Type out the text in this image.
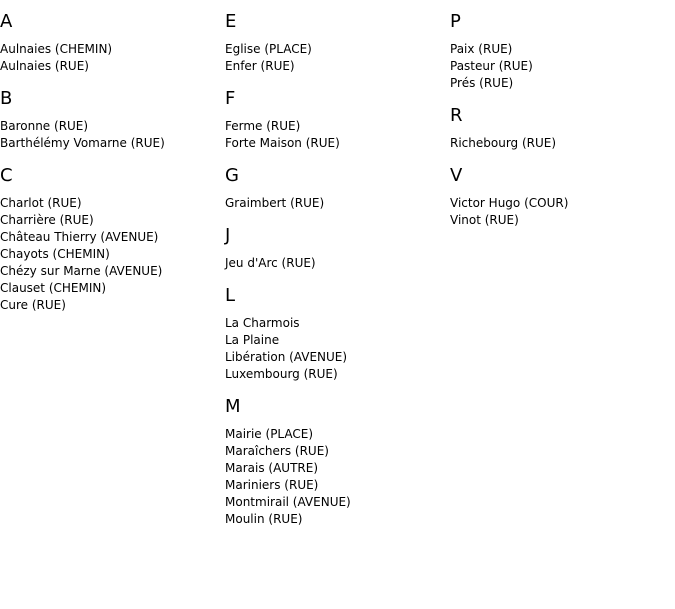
A
Aulnaies (CHEMIN)
Aulnaies (RUE)
B
Baronne (RUE)
Barthélémy Vomarne (RUE)
C
Charlot (RUE)
Charrière (RUE)
Château Thierry (AVENUE)
Chayots (CHEMIN)
Chézy sur Marne (AVENUE)
Clauset (CHEMIN)
Cure (RUE)
E
Eglise (PLACE)
Enfer (RUE)
F
Ferme (RUE)
Forte Maison (RUE)
G
Graimbert (RUE)
J
Jeu d'Arc (RUE)
L
La Charmois
La Plaine
Libération (AVENUE)
Luxembourg (RUE)
M
Mairie (PLACE)
Maraîchers (RUE)
Marais (AUTRE)
Mariniers (RUE)
Montmirail (AVENUE)
Moulin (RUE)
P
Paix (RUE)
Pasteur (RUE)
Prés (RUE)
R
Richebourg (RUE)
V
Victor Hugo (COUR)
Vinot (RUE)
